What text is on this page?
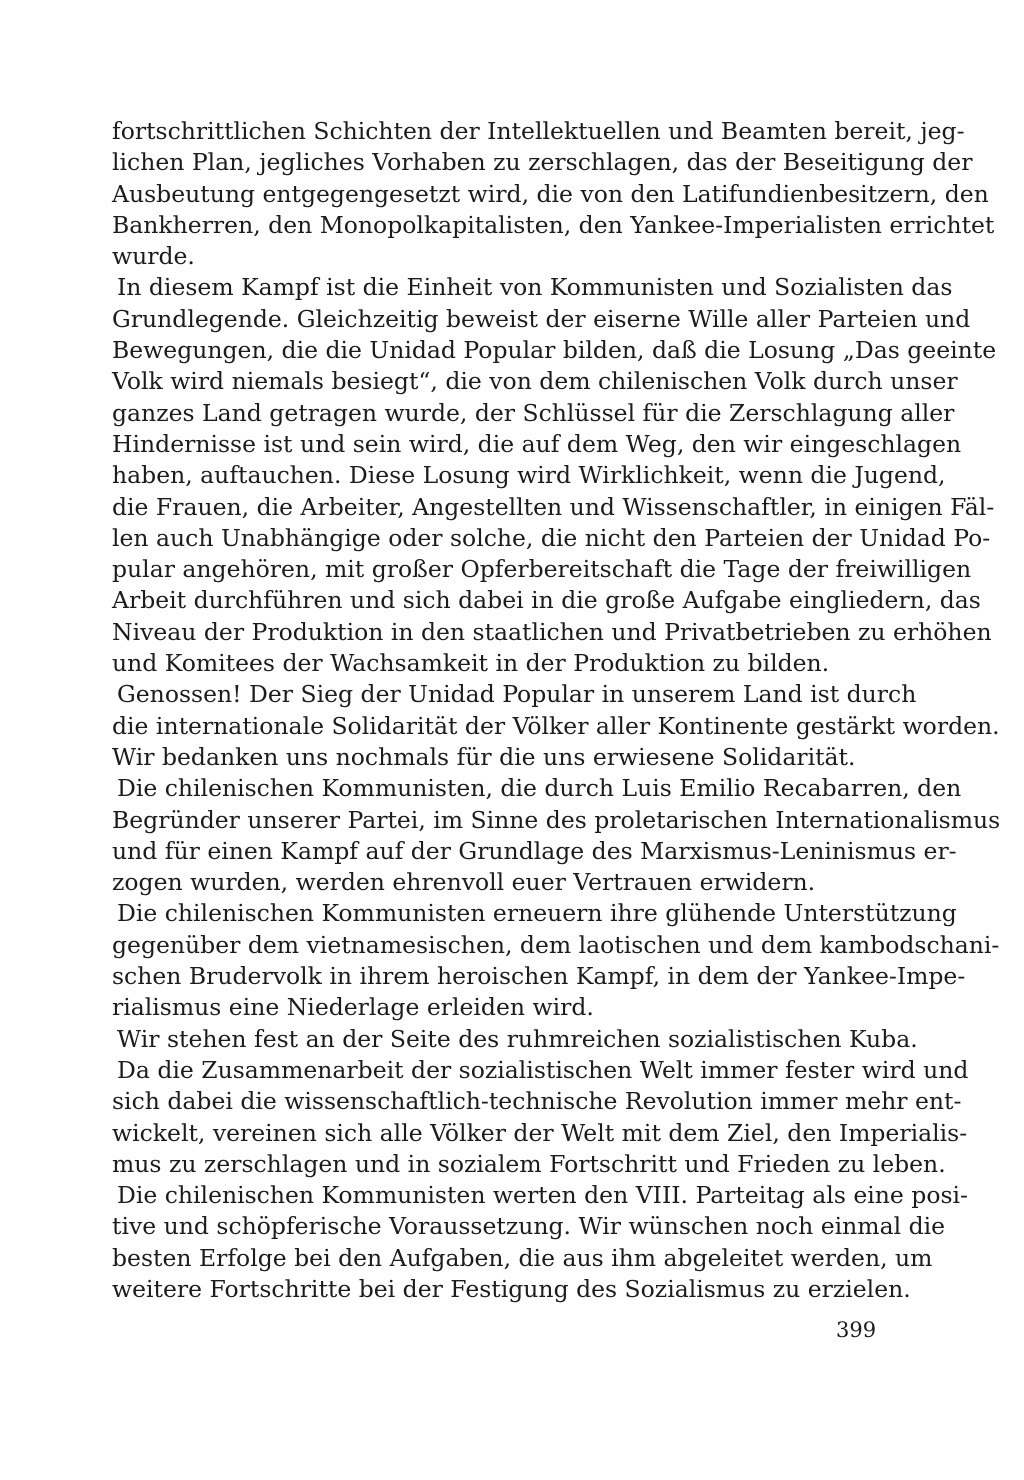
fortschrittlichen Schichten der Intellektuellen und Beamten bereit, jeg-
lichen Plan, jegliches Vorhaben zu zerschlagen, das der Beseitigung der
Ausbeutung entgegengesetzt wird, die von den Latifundienbesitzern, den
Bankherren, den Monopolkapitalisten, den Yankee-Imperialisten errichtet
wurde.
In diesem Kampf ist die Einheit von Kommunisten und Sozialisten das
Grundlegende. Gleichzeitig beweist der eiserne Wille aller Parteien und
Bewegungen, die die Unidad Popular bilden, daß die Losung „Das geeinte
Volk wird niemals besiegt“, die von dem chilenischen Volk durch unser
ganzes Land getragen wurde, der Schlüssel für die Zerschlagung aller
Hindernisse ist und sein wird, die auf dem Weg, den wir eingeschlagen
haben, auftauchen. Diese Losung wird Wirklichkeit, wenn die Jugend,
die Frauen, die Arbeiter, Angestellten und Wissenschaftler, in einigen Fäl-
len auch Unabhängige oder solche, die nicht den Parteien der Unidad Po-
pular angehören, mit großer Opferbereitschaft die Tage der freiwilligen
Arbeit durchführen und sich dabei in die große Aufgabe eingliedern, das
Niveau der Produktion in den staatlichen und Privatbetrieben zu erhöhen
und Komitees der Wachsamkeit in der Produktion zu bilden.
Genossen! Der Sieg der Unidad Popular in unserem Land ist durch
die internationale Solidarität der Völker aller Kontinente gestärkt worden.
Wir bedanken uns nochmals für die uns erwiesene Solidarität.
Die chilenischen Kommunisten, die durch Luis Emilio Recabarren, den
Begründer unserer Partei, im Sinne des proletarischen Internationalismus
und für einen Kampf auf der Grundlage des Marxismus-Leninismus er-
zogen wurden, werden ehrenvoll euer Vertrauen erwidern.
Die chilenischen Kommunisten erneuern ihre glühende Unterstützung
gegenüber dem vietnamesischen, dem laotischen und dem kambodschani-
schen Brudervolk in ihrem heroischen Kampf, in dem der Yankee-Impe-
rialismus eine Niederlage erleiden wird.
Wir stehen fest an der Seite des ruhmreichen sozialistischen Kuba.
Da die Zusammenarbeit der sozialistischen Welt immer fester wird und
sich dabei die wissenschaftlich-technische Revolution immer mehr ent-
wickelt, vereinen sich alle Völker der Welt mit dem Ziel, den Imperialis-
mus zu zerschlagen und in sozialem Fortschritt und Frieden zu leben.
Die chilenischen Kommunisten werten den VIII. Parteitag als eine posi-
tive und schöpferische Voraussetzung. Wir wünschen noch einmal die
besten Erfolge bei den Aufgaben, die aus ihm abgeleitet werden, um
weitere Fortschritte bei der Festigung des Sozialismus zu erzielen.
399
